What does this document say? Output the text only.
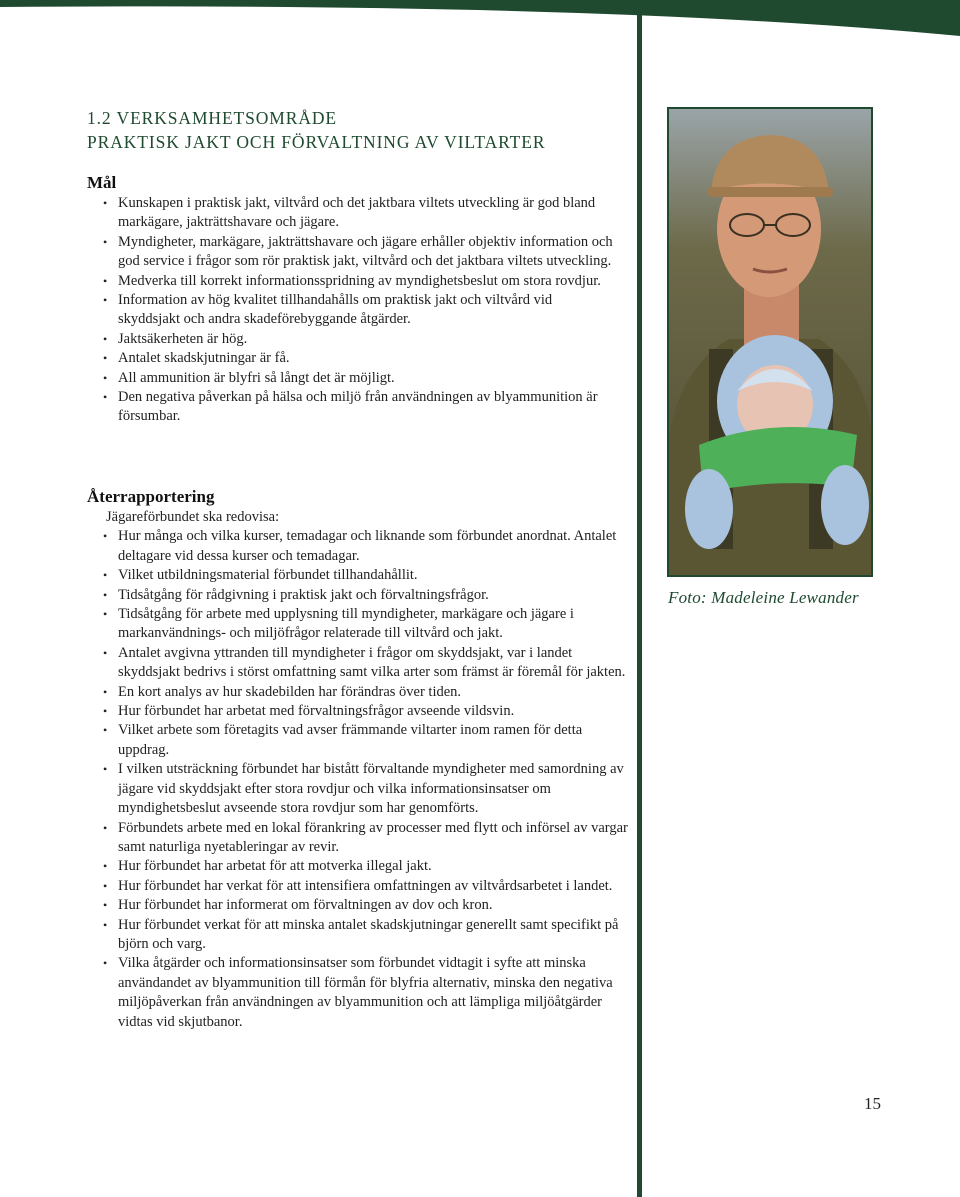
1.2 VERKSAMHETSOMRÅDE
PRAKTISK JAKT OCH FÖRVALTNING AV VILTARTER
Mål
• Kunskapen i praktisk jakt, viltvård och det jaktbara viltets utveckling är god bland markägare, jakträttshavare och jägare.
• Myndigheter, markägare, jakträttshavare och jägare erhåller objektiv information och god service i frågor som rör praktisk jakt, viltvård och det jaktbara viltets utveckling.
• Medverka till korrekt informationsspridning av myndighetsbeslut om stora rovdjur.
• Information av hög kvalitet tillhandahålls om praktisk jakt och viltvård vid skyddsjakt och andra skadeförebyggande åtgärder.
• Jaktsäkerheten är hög.
• Antalet skadskjutningar är få.
• All ammunition är blyfri så långt det är möjligt.
• Den negativa påverkan på hälsa och miljö från användningen av blyammunition är försumbar.
Återrapportering

Jägareförbundet ska redovisa:

• Hur många och vilka kurser, temadagar och liknande som förbundet anordnat. Antalet deltagare vid dessa kurser och temadagar.
• Vilket utbildningsmaterial förbundet tillhandahållit.
• Tidsåtgång för rådgivning i praktisk jakt och förvaltningsfrågor.
• Tidsåtgång för arbete med upplysning till myndigheter, markägare och jägare i markanvändnings- och miljöfrågor relaterade till viltvård och jakt.
• Antalet avgivna yttranden till myndigheter i frågor om skyddsjakt, var i landet skyddsjakt bedrivs i störst omfattning samt vilka arter som främst är föremål för jakten.
• En kort analys av hur skadebilden har förändras över tiden.
• Hur förbundet har arbetat med förvaltningsfrågor avseende vildsvin.
• Vilket arbete som företagits vad avser främmande viltarter inom ramen för detta uppdrag.
• I vilken utsträckning förbundet har bistått förvaltande myndigheter med samordning av jägare vid skyddsjakt efter stora rovdjur och vilka informationsinsatser om myndighetsbeslut avseende stora rovdjur som har genomförts.
• Förbundets arbete med en lokal förankring av processer med flytt och införsel av vargar samt naturliga nyetableringar av revir.
• Hur förbundet har arbetat för att motverka illegal jakt.
• Hur förbundet har verkat för att intensifiera omfattningen av viltvårdsarbetet i landet.
• Hur förbundet har informerat om förvaltningen av dov och kron.
• Hur förbundet verkat för att minska antalet skadskjutningar generellt samt specifikt på björn och varg.
• Vilka åtgärder och informationsinsatser som förbundet vidtagit i syfte att minska användandet av blyammunition till förmån för blyfria alternativ, minska den negativa miljöpåverkan från användningen av blyammunition och att lämpliga miljöåtgärder vidtas vid skjutbanor.

Foto: Madeleine Lewander

15
